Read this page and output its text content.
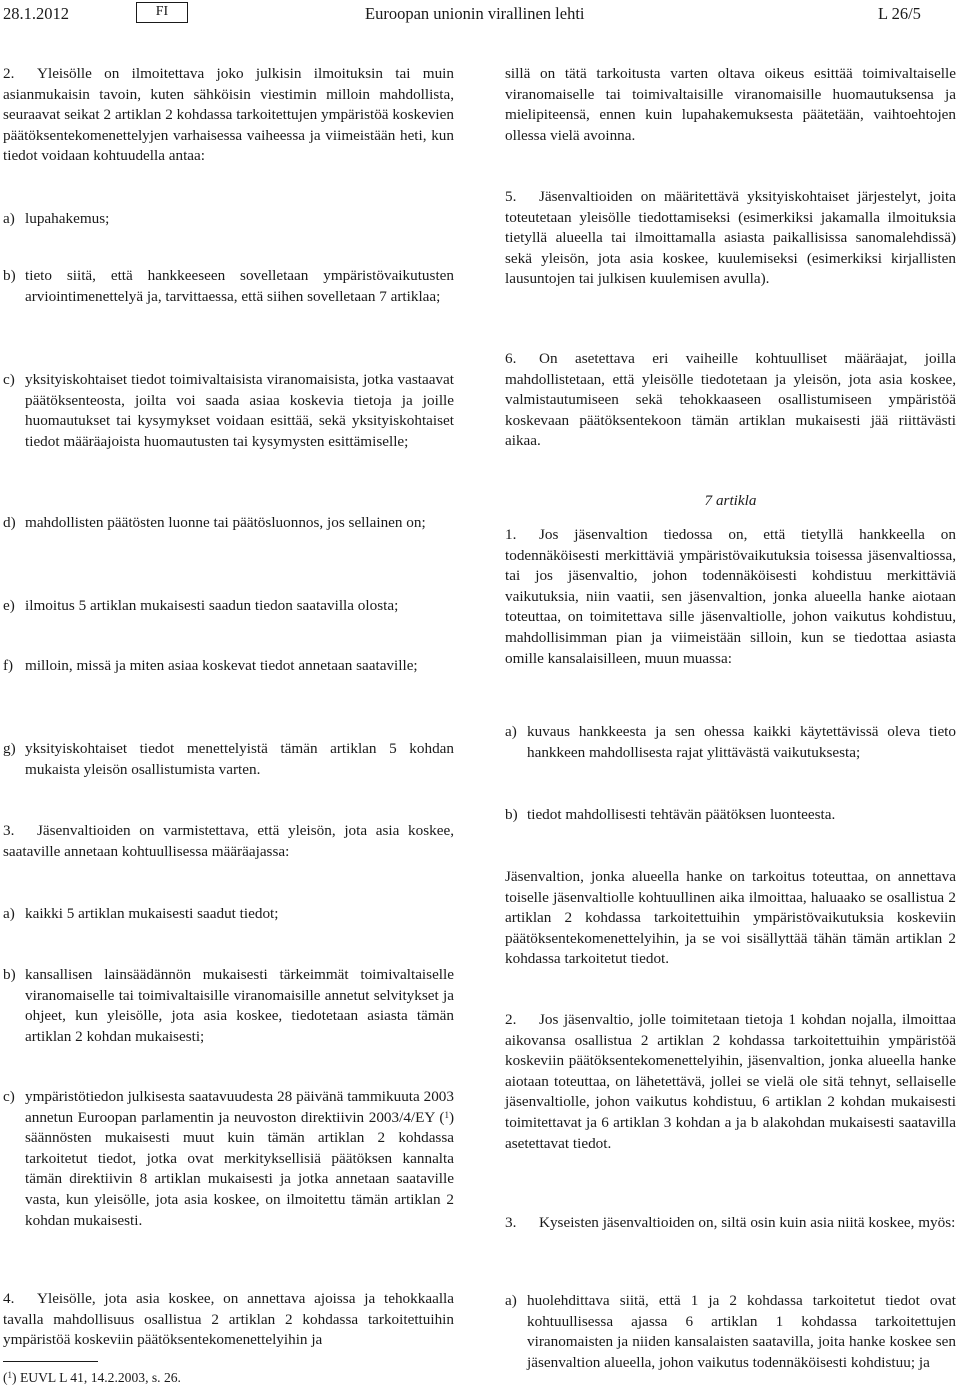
28.1.2012	FI	Euroopan unionin virallinen lehti	L 26/5
2. Yleisölle on ilmoitettava joko julkisin ilmoituksin tai muin asianmukaisin tavoin, kuten sähköisin viestimin milloin mahdollista, seuraavat seikat 2 artiklan 2 kohdassa tarkoitettujen ympäristöä koskevien päätöksentekomenettelyjen varhaisessa vaiheessa ja viimeistään heti, kun tiedot voidaan kohtuudella antaa:
a) lupahakemus;
b) tieto siitä, että hankkeeseen sovelletaan ympäristövaikutusten arviointimenettelyä ja, tarvittaessa, että siihen sovelletaan 7 artiklaa;
c) yksityiskohtaiset tiedot toimivaltaisista viranomaisista, jotka vastaavat päätöksenteosta, joilta voi saada asiaa koskevia tietoja ja joille huomautukset tai kysymykset voidaan esittää, sekä yksityiskohtaiset tiedot määräajoista huomautusten tai kysymysten esittämiselle;
d) mahdollisten päätösten luonne tai päätösluonnos, jos sellainen on;
e) ilmoitus 5 artiklan mukaisesti saadun tiedon saatavilla olosta;
f) milloin, missä ja miten asiaa koskevat tiedot annetaan saataville;
g) yksityiskohtaiset tiedot menettelyistä tämän artiklan 5 kohdan mukaista yleisön osallistumista varten.
3. Jäsenvaltioiden on varmistettava, että yleisön, jota asia koskee, saataville annetaan kohtuullisessa määräajassa:
a) kaikki 5 artiklan mukaisesti saadut tiedot;
b) kansallisen lainsäädännön mukaisesti tärkeimmät toimivaltaiselle viranomaiselle tai toimivaltaisille viranomaisille annetut selvitykset ja ohjeet, kun yleisölle, jota asia koskee, tiedotetaan asiasta tämän artiklan 2 kohdan mukaisesti;
c) ympäristötiedon julkisesta saatavuudesta 28 päivänä tammikuuta 2003 annetun Euroopan parlamentin ja neuvoston direktiivin 2003/4/EY ($^1$) säännösten mukaisesti muut kuin tämän artiklan 2 kohdassa tarkoitetut tiedot, jotka ovat merkityksellisiä päätöksen kannalta tämän direktiivin 8 artiklan mukaisesti ja jotka annetaan saataville vasta, kun yleisölle, jota asia koskee, on ilmoitettu tämän artiklan 2 kohdan mukaisesti.
4. Yleisölle, jota asia koskee, on annettava ajoissa ja tehokkaalla tavalla mahdollisuus osallistua 2 artiklan 2 kohdassa tarkoitettuihin ympäristöä koskeviin päätöksentekomenettelyihin ja
sillä on tätä tarkoitusta varten oltava oikeus esittää toimivaltaiselle viranomaiselle tai toimivaltaisille viranomaisille huomautuksensa ja mielipiteensä, ennen kuin lupahakemuksesta päätetään, vaihtoehtojen ollessa vielä avoinna.
5. Jäsenvaltioiden on määritettävä yksityiskohtaiset järjestelyt, joita toteutetaan yleisölle tiedottamiseksi (esimerkiksi jakamalla ilmoituksia tietyllä alueella tai ilmoittamalla asiasta paikallisissa sanomalehdissä) sekä yleisön, jota asia koskee, kuulemiseksi (esimerkiksi kirjallisten lausuntojen tai julkisen kuulemisen avulla).
6. On asetettava eri vaiheille kohtuulliset määräajat, joilla mahdollistetaan, että yleisölle tiedotetaan ja yleisön, jota asia koskee, valmistautumiseen sekä tehokkaaseen osallistumiseen ympäristöä koskevaan päätöksentekoon tämän artiklan mukaisesti jää riittävästi aikaa.
7 artikla
1. Jos jäsenvaltion tiedossa on, että tietyllä hankkeella on todennäköisesti merkittäviä ympäristövaikutuksia toisessa jäsenvaltiossa, tai jos jäsenvaltio, johon todennäköisesti kohdistuu merkittäviä vaikutuksia, niin vaatii, sen jäsenvaltion, jonka alueella hanke aiotaan toteuttaa, on toimitettava sille jäsenvaltiolle, johon vaikutus kohdistuu, mahdollisimman pian ja viimeistään silloin, kun se tiedottaa asiasta omille kansalaisilleen, muun muassa:
a) kuvaus hankkeesta ja sen ohessa kaikki käytettävissä oleva tieto hankkeen mahdollisesta rajat ylittävästä vaikutuksesta;
b) tiedot mahdollisesti tehtävän päätöksen luonteesta.
Jäsenvaltion, jonka alueella hanke on tarkoitus toteuttaa, on annettava toiselle jäsenvaltiolle kohtuullinen aika ilmoittaa, haluaako se osallistua 2 artiklan 2 kohdassa tarkoitettuihin ympäristövaikutuksia koskeviin päätöksentekomenettelyihin, ja se voi sisällyttää tähän tämän artiklan 2 kohdassa tarkoitetut tiedot.
2. Jos jäsenvaltio, jolle toimitetaan tietoja 1 kohdan nojalla, ilmoittaa aikovansa osallistua 2 artiklan 2 kohdassa tarkoitettuihin ympäristöä koskeviin päätöksentekomenettelyihin, jäsenvaltion, jonka alueella hanke aiotaan toteuttaa, on lähetettävä, jollei se vielä ole sitä tehnyt, sellaiselle jäsenvaltiolle, johon vaikutus kohdistuu, 6 artiklan 2 kohdan mukaisesti toimitettavat ja 6 artiklan 3 kohdan a ja b alakohdan mukaisesti saatavilla asetettavat tiedot.
3. Kyseisten jäsenvaltioiden on, siltä osin kuin asia niitä koskee, myös:
a) huolehdittava siitä, että 1 ja 2 kohdassa tarkoitetut tiedot ovat kohtuullisessa ajassa 6 artiklan 1 kohdassa tarkoitettujen viranomaisten ja niiden kansalaisten saatavilla, joita hanke koskee sen jäsenvaltion alueella, johon vaikutus todennäköisesti kohdistuu; ja
($^1$) EUVL L 41, 14.2.2003, s. 26.
